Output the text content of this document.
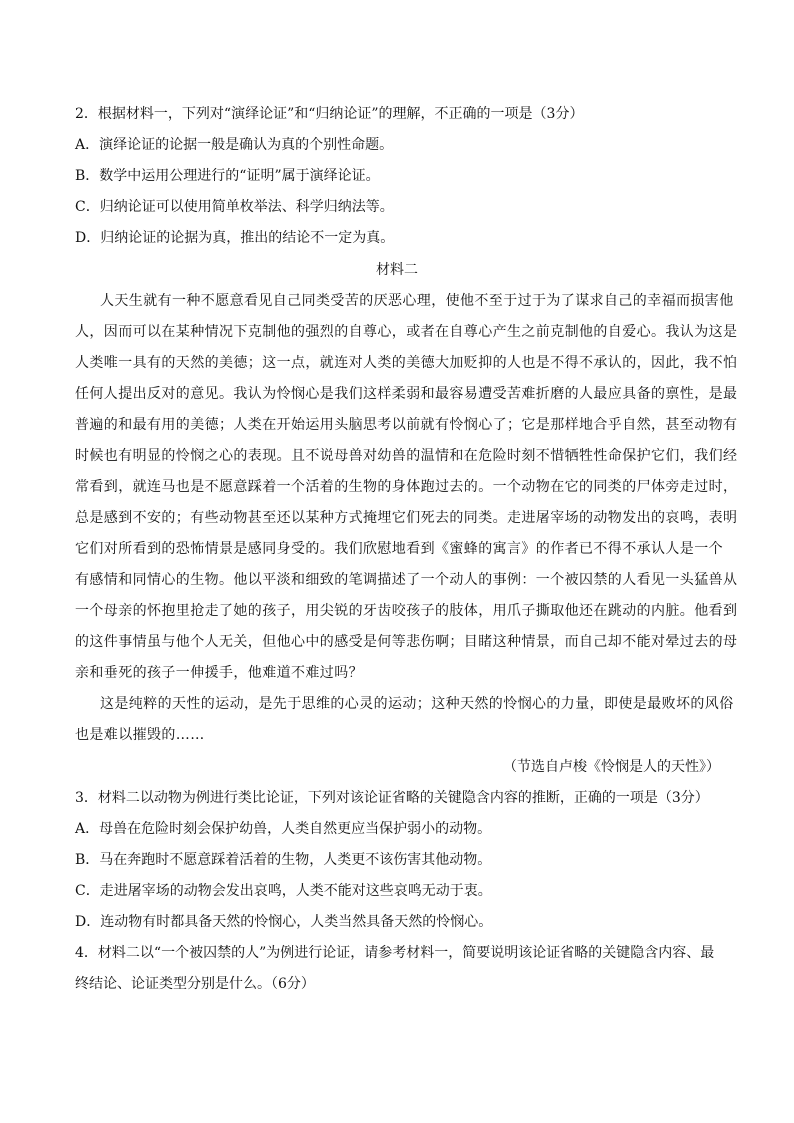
2．根据材料一，下列对“演绎论证”和“归纳论证”的理解，不正确的一项是（3分）
A．演绎论证的论据一般是确认为真的个别性命题。
B．数学中运用公理进行的“证明”属于演绎论证。
C．归纳论证可以使用简单枚举法、科学归纳法等。
D．归纳论证的论据为真，推出的结论不一定为真。
材料二
人天生就有一种不愿意看见自己同类受苦的厌恶心理，使他不至于过于为了谋求自己的幸福而损害他
人，因而可以在某种情况下克制他的强烈的自尊心，或者在自尊心产生之前克制他的自爱心。我认为这是
人类唯一具有的天然的美德；这一点，就连对人类的美德大加贬抑的人也是不得不承认的，因此，我不怕
任何人提出反对的意见。我认为怜悯心是我们这样柔弱和最容易遭受苦难折磨的人最应具备的禀性，是最
普遍的和最有用的美德；人类在开始运用头脑思考以前就有怜悯心了；它是那样地合乎自然，甚至动物有
时候也有明显的怜悯之心的表现。且不说母兽对幼兽的温情和在危险时刻不惜牺牲性命保护它们，我们经
常看到，就连马也是不愿意踩着一个活着的生物的身体跑过去的。一个动物在它的同类的尸体旁走过时，
总是感到不安的；有些动物甚至还以某种方式掩埋它们死去的同类。走进屠宰场的动物发出的哀鸣，表明
它们对所看到的恐怖情景是感同身受的。我们欣慰地看到《蜜蜂的寓言》的作者已不得不承认人是一个
有感情和同情心的生物。他以平淡和细致的笔调描述了一个动人的事例：一个被囚禁的人看见一头猛兽从
一个母亲的怀抱里抢走了她的孩子，用尖锐的牙齿咬孩子的肢体，用爪子撕取他还在跳动的内脏。他看到
的这件事情虽与他个人无关，但他心中的感受是何等悲伤啊；目睹这种情景，而自己却不能对晕过去的母
亲和垂死的孩子一伸援手，他难道不难过吗？
这是纯粹的天性的运动，是先于思维的心灵的运动；这种天然的怜悯心的力量，即使是最败坏的风俗
也是难以摧毁的……
（节选自卢梭《怜悯是人的天性》）
3．材料二以动物为例进行类比论证，下列对该论证省略的关键隐含内容的推断，正确的一项是（3分）
A．母兽在危险时刻会保护幼兽，人类自然更应当保护弱小的动物。
B．马在奔跑时不愿意踩着活着的生物，人类更不该伤害其他动物。
C．走进屠宰场的动物会发出哀鸣，人类不能对这些哀鸣无动于衷。
D．连动物有时都具备天然的怜悯心，人类当然具备天然的怜悯心。
4．材料二以“一个被囚禁的人”为例进行论证，请参考材料一，简要说明该论证省略的关键隐含内容、最
终结论、论证类型分别是什么。（6分）
